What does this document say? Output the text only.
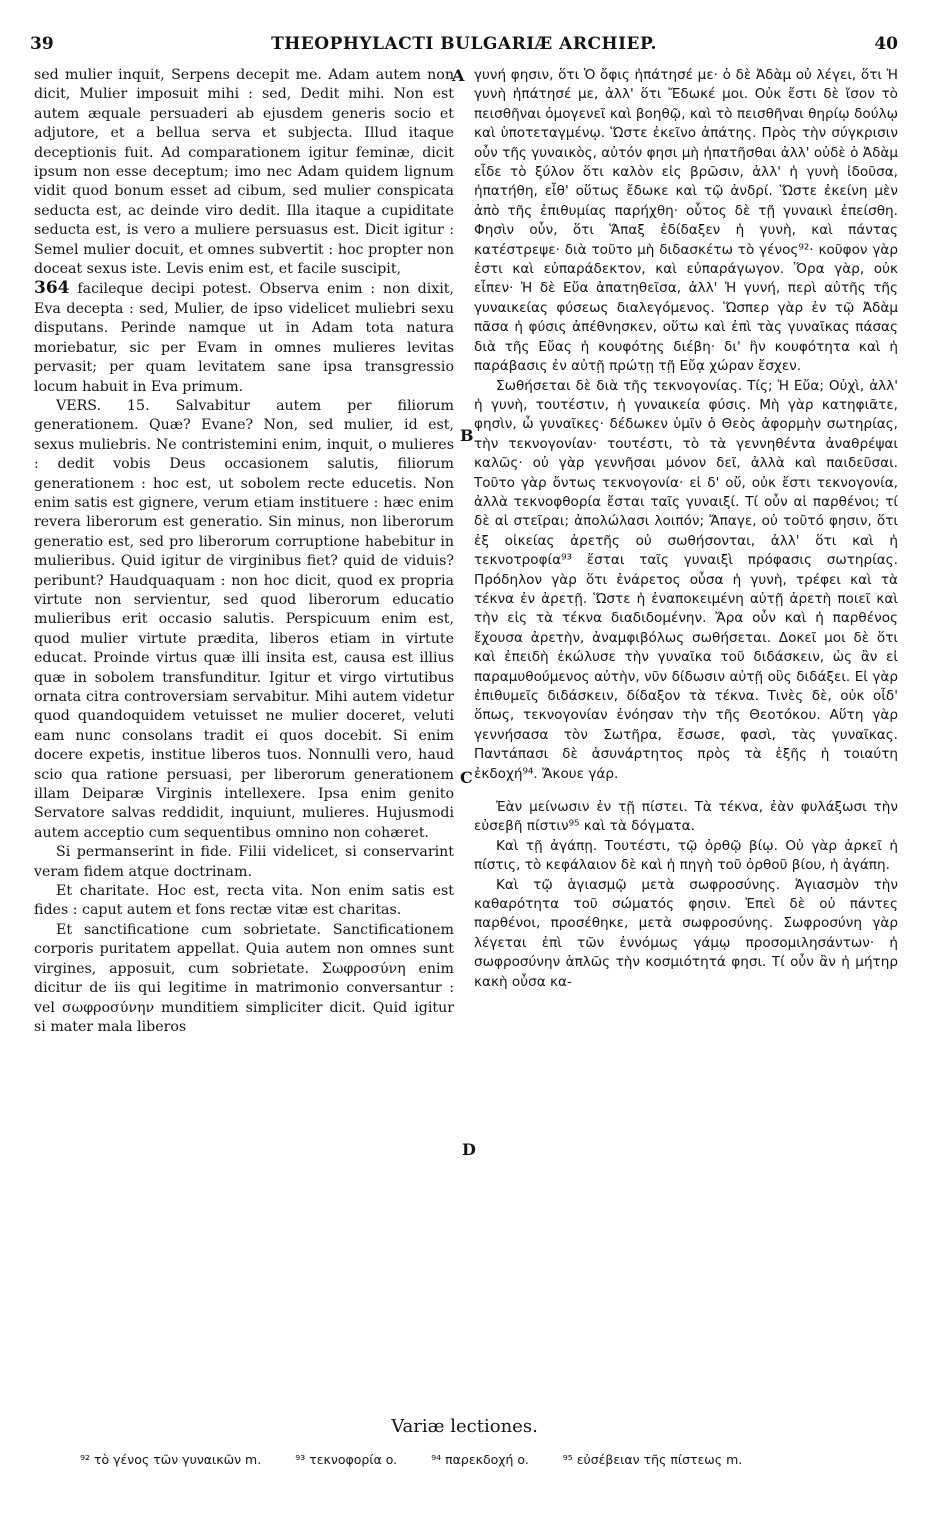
39	THEOPHYLACTI BULGARIÆ ARCHIEP.	40
A
B
C
D

sed mulier inquit, Serpens decepit me. Adam autem non dicit, Mulier imposuit mihi : sed, Dedit mihi. Non est autem æquale persuaderi ab ejusdem generis socio et adjutore, et a bellua serva et subjecta. Illud itaque deceptionis fuit. Ad comparationem igitur feminæ, dicit ipsum non esse deceptum; imo nec Adam quidem lignum vidit quod bonum esset ad cibum, sed mulier conspicata seducta est, ac deinde viro dedit. Illa itaque a cupiditate seducta est, is vero a muliere persuasus est. Dicit igitur : Semel mulier docuit, et omnes subvertit : hoc propter non doceat sexus iste. Levis enim est, et facile suscipit,

364 facileque decipi potest. Observa enim : non dixit, Eva decepta : sed, Mulier, de ipso videlicet muliebri sexu disputans. Perinde namque ut in Adam tota natura moriebatur, sic per Evam in omnes mulieres levitas pervasit; per quam levitatem sane ipsa transgressio locum habuit in Eva primum.

VERS. 15. Salvabitur autem per filiorum generationem. Quæ? Evane? Non, sed mulier, id est, sexus muliebris. Ne contristemini enim, inquit, o mulieres : dedit vobis Deus occasionem salutis, filiorum generationem : hoc est, ut sobolem recte educetis. Non enim satis est gignere, verum etiam instituere : hæc enim revera liberorum est generatio. Sin minus, non liberorum generatio est, sed pro liberorum corruptione habebitur in mulieribus. Quid igitur de virginibus fiet? quid de viduis? peribunt? Haudquaquam : non hoc dicit, quod ex propria virtute non servientur, sed quod liberorum educatio mulieribus erit occasio salutis. Perspicuum enim est, quod mulier virtute prædita, liberos etiam in virtute educat. Proinde virtus quæ illi insita est, causa est illius quæ in sobolem transfunditur. Igitur et virgo virtutibus ornata citra controversiam servabitur. Mihi autem videtur quod quandoquidem vetuisset ne mulier doceret, veluti eam nunc consolans tradit ei quos docebit. Si enim docere expetis, institue liberos tuos. Nonnulli vero, haud scio qua ratione persuasi, per liberorum generationem illam Deiparæ Virginis intellexere. Ipsa enim genito Servatore salvas reddidit, inquiunt, mulieres. Hujusmodi autem acceptio cum sequentibus omnino non cohæret.

Si permanserint in fide. Filii videlicet, si conservarint veram fidem atque doctrinam.

Et charitate. Hoc est, recta vita. Non enim satis est fides : caput autem et fons rectæ vitæ est charitas.

Et sanctificatione cum sobrietate. Sanctificationem corporis puritatem appellat. Quia autem non omnes sunt virgines, apposuit, cum sobrietate. Σωφροσύνη enim dicitur de iis qui legitime in matrimonio conversantur : vel σωφροσύνην munditiem simpliciter dicit. Quid igitur si mater mala liberos

γυνή φησιν, ὅτι Ὁ ὄφις ἠπάτησέ με· ὁ δὲ Ἀδὰμ οὐ λέγει, ὅτι Ἡ γυνὴ ἠπάτησέ με, ἀλλ' ὅτι Ἔδωκέ μοι. Οὐκ ἔστι δὲ ἴσον τὸ πεισθῆναι ὁμογενεῖ καὶ βοηθῷ, καὶ τὸ πεισθῆναι θηρίῳ δούλῳ καὶ ὑποτεταγμένῳ. Ὥστε ἐκεῖνο ἀπάτης. Πρὸς τὴν σύγκρισιν οὖν τῆς γυναικὸς, αὐτόν φησι μὴ ἠπατῆσθαι ἀλλ' οὐδὲ ὁ Ἀδὰμ εἶδε τὸ ξύλον ὅτι καλὸν εἰς βρῶσιν, ἀλλ' ἡ γυνὴ ἰδοῦσα, ἠπατήθη, εἶθ' οὕτως ἔδωκε καὶ τῷ ἀνδρί. Ὥστε ἐκείνη μὲν ἀπὸ τῆς ἐπιθυμίας παρήχθη· οὗτος δὲ τῇ γυναικὶ ἐπείσθη. Φησὶν οὖν, ὅτι Ἅπαξ ἐδίδαξεν ἡ γυνὴ, καὶ πάντας κατέστρεψε· διὰ τοῦτο μὴ διδασκέτω τὸ γένος⁹²· κοῦφον γὰρ ἐστι καὶ εὐπαράδεκτον, καὶ εὐπαράγωγον. Ὅρα γὰρ, οὐκ εἶπεν· Ἡ δὲ Εὔα ἀπατηθεῖσα, ἀλλ' Ἡ γυνή, περὶ αὐτῆς τῆς γυναικείας φύσεως διαλεγόμενος. Ὥσπερ γὰρ ἐν τῷ Ἀδὰμ πᾶσα ἡ φύσις ἀπέθνησκεν, οὕτω καὶ ἐπὶ τὰς γυναῖκας πάσας διὰ τῆς Εὔας ἡ κουφότης διέβη· δι' ἣν κουφότητα καὶ ἡ παράβασις ἐν αὐτῇ πρώτῃ τῇ Εὔᾳ χώραν ἔσχεν.

Σωθήσεται δὲ διὰ τῆς τεκνογονίας. Τίς; Ἡ Εὔα; Οὐχὶ, ἀλλ' ἡ γυνὴ, τουτέστιν, ἡ γυναικεία φύσις. Μὴ γὰρ κατηφιᾶτε, φησὶν, ὦ γυναῖκες· δέδωκεν ὑμῖν ὁ Θεὸς ἀφορμὴν σωτηρίας, τὴν τεκνογονίαν· τουτέστι, τὸ τὰ γεννηθέντα ἀναθρέψαι καλῶς· οὐ γὰρ γεννῆσαι μόνον δεῖ, ἀλλὰ καὶ παιδεῦσαι. Τοῦτο γὰρ ὄντως τεκνογονία· εἰ δ' οὔ, οὐκ ἔστι τεκνογονία, ἀλλὰ τεκνοφθορία ἔσται ταῖς γυναιξί. Τί οὖν αἱ παρθένοι; τί δὲ αἱ στεῖραι; ἀπολώλασι λοιπόν; Ἄπαγε, οὐ τοῦτό φησιν, ὅτι ἐξ οἰκείας ἀρετῆς οὐ σωθήσονται, ἀλλ' ὅτι καὶ ἡ τεκνοτροφία⁹³ ἔσται ταῖς γυναιξὶ πρόφασις σωτηρίας. Πρόδηλον γὰρ ὅτι ἐνάρετος οὖσα ἡ γυνὴ, τρέφει καὶ τὰ τέκνα ἐν ἀρετῇ. Ὥστε ἡ ἐναποκειμένη αὐτῇ ἀρετὴ ποιεῖ καὶ τὴν εἰς τὰ τέκνα διαδιδομένην. Ἄρα οὖν καὶ ἡ παρθένος ἔχουσα ἀρετὴν, ἀναμφιβόλως σωθήσεται. Δοκεῖ μοι δὲ ὅτι καὶ ἐπειδὴ ἐκώλυσε τὴν γυναῖκα τοῦ διδάσκειν, ὡς ἂν εἰ παραμυθούμενος αὐτὴν, νῦν δίδωσιν αὐτῇ οὓς διδάξει. Εἰ γὰρ ἐπιθυμεῖς διδάσκειν, δίδαξον τὰ τέκνα. Τινὲς δὲ, οὐκ οἶδ' ὅπως, τεκνογονίαν ἐνόησαν τὴν τῆς Θεοτόκου. Αὕτη γὰρ γεννήσασα τὸν Σωτῆρα, ἔσωσε, φασὶ, τὰς γυναῖκας. Παντάπασι δὲ ἀσυνάρτητος πρὸς τὰ ἑξῆς ἡ τοιαύτη ἐκδοχή⁹⁴. Ἄκουε γάρ.

Ἐὰν μείνωσιν ἐν τῇ πίστει. Τὰ τέκνα, ἐὰν φυλάξωσι τὴν εὐσεβῆ πίστιν⁹⁵ καὶ τὰ δόγματα.

Καὶ τῇ ἀγάπῃ. Τουτέστι, τῷ ὀρθῷ βίῳ. Οὐ γὰρ ἀρκεῖ ἡ πίστις, τὸ κεφάλαιον δὲ καὶ ἡ πηγὴ τοῦ ὀρθοῦ βίου, ἡ ἀγάπη.

Καὶ τῷ ἁγιασμῷ μετὰ σωφροσύνης. Ἁγιασμὸν τὴν καθαρότητα τοῦ σώματός φησιν. Ἐπεὶ δὲ οὐ πάντες παρθένοι, προσέθηκε, μετὰ σωφροσύνης. Σωφροσύνη γὰρ λέγεται ἐπὶ τῶν ἐννόμως γάμῳ προσομιλησάντων· ἡ σωφροσύνην ἁπλῶς τὴν κοσμιότητά φησι. Τί οὖν ἂν ἡ μήτηρ κακὴ οὖσα κα-

Variæ lectiones.
⁹² τὸ γένος τῶν γυναικῶν m.	⁹³ τεκνοφορία o.	⁹⁴ παρεκδοχή o.	⁹⁵ εὐσέβειαν τῆς πίστεως m.
